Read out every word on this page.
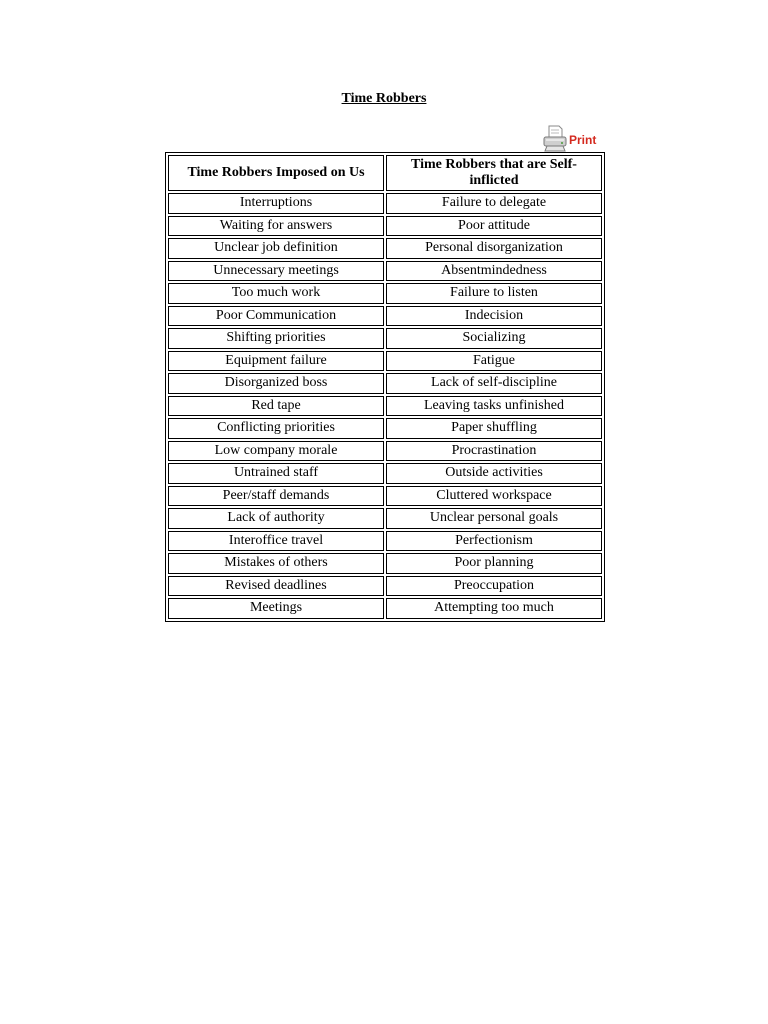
Time Robbers
Print
Time Robbers Imposed on Us	Time Robbers that are Self-inflicted
Interruptions	Failure to delegate
Waiting for answers	Poor attitude
Unclear job definition	Personal disorganization
Unnecessary meetings	Absentmindedness
Too much work	Failure to listen
Poor Communication	Indecision
Shifting priorities	Socializing
Equipment failure	Fatigue
Disorganized boss	Lack of self-discipline
Red tape	Leaving tasks unfinished
Conflicting priorities	Paper shuffling
Low company morale	Procrastination
Untrained staff	Outside activities
Peer/staff demands	Cluttered workspace
Lack of authority	Unclear personal goals
Interoffice travel	Perfectionism
Mistakes of others	Poor planning
Revised deadlines	Preoccupation
Meetings	Attempting too much
